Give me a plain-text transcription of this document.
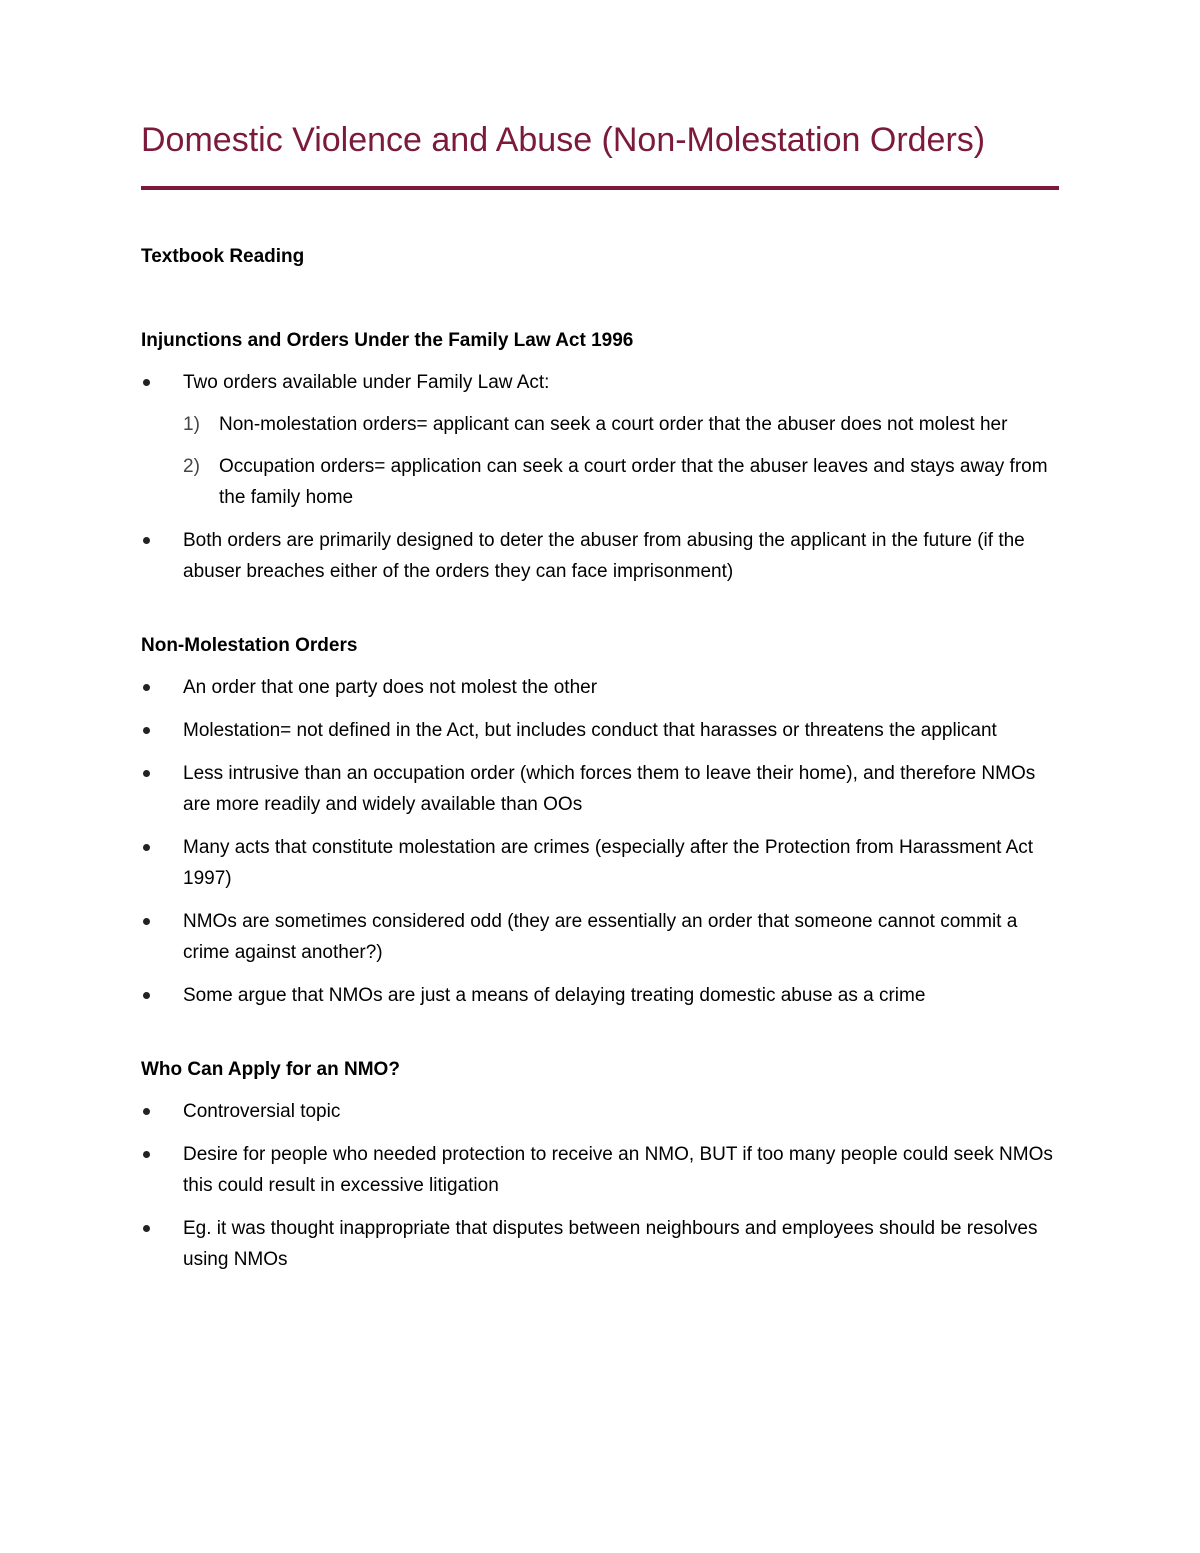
Domestic Violence and Abuse (Non-Molestation Orders)

Textbook Reading

Injunctions and Orders Under the Family Law Act 1996

Two orders available under Family Law Act:
1) Non-molestation orders= applicant can seek a court order that the abuser does not molest her
2) Occupation orders= application can seek a court order that the abuser leaves and stays away from the family home
Both orders are primarily designed to deter the abuser from abusing the applicant in the future (if the abuser breaches either of the orders they can face imprisonment)

Non-Molestation Orders

An order that one party does not molest the other
Molestation= not defined in the Act, but includes conduct that harasses or threatens the applicant
Less intrusive than an occupation order (which forces them to leave their home), and therefore NMOs are more readily and widely available than OOs
Many acts that constitute molestation are crimes (especially after the Protection from Harassment Act 1997)
NMOs are sometimes considered odd (they are essentially an order that someone cannot commit a crime against another?)
Some argue that NMOs are just a means of delaying treating domestic abuse as a crime

Who Can Apply for an NMO?

Controversial topic
Desire for people who needed protection to receive an NMO, BUT if too many people could seek NMOs this could result in excessive litigation
Eg. it was thought inappropriate that disputes between neighbours and employees should be resolves using NMOs
